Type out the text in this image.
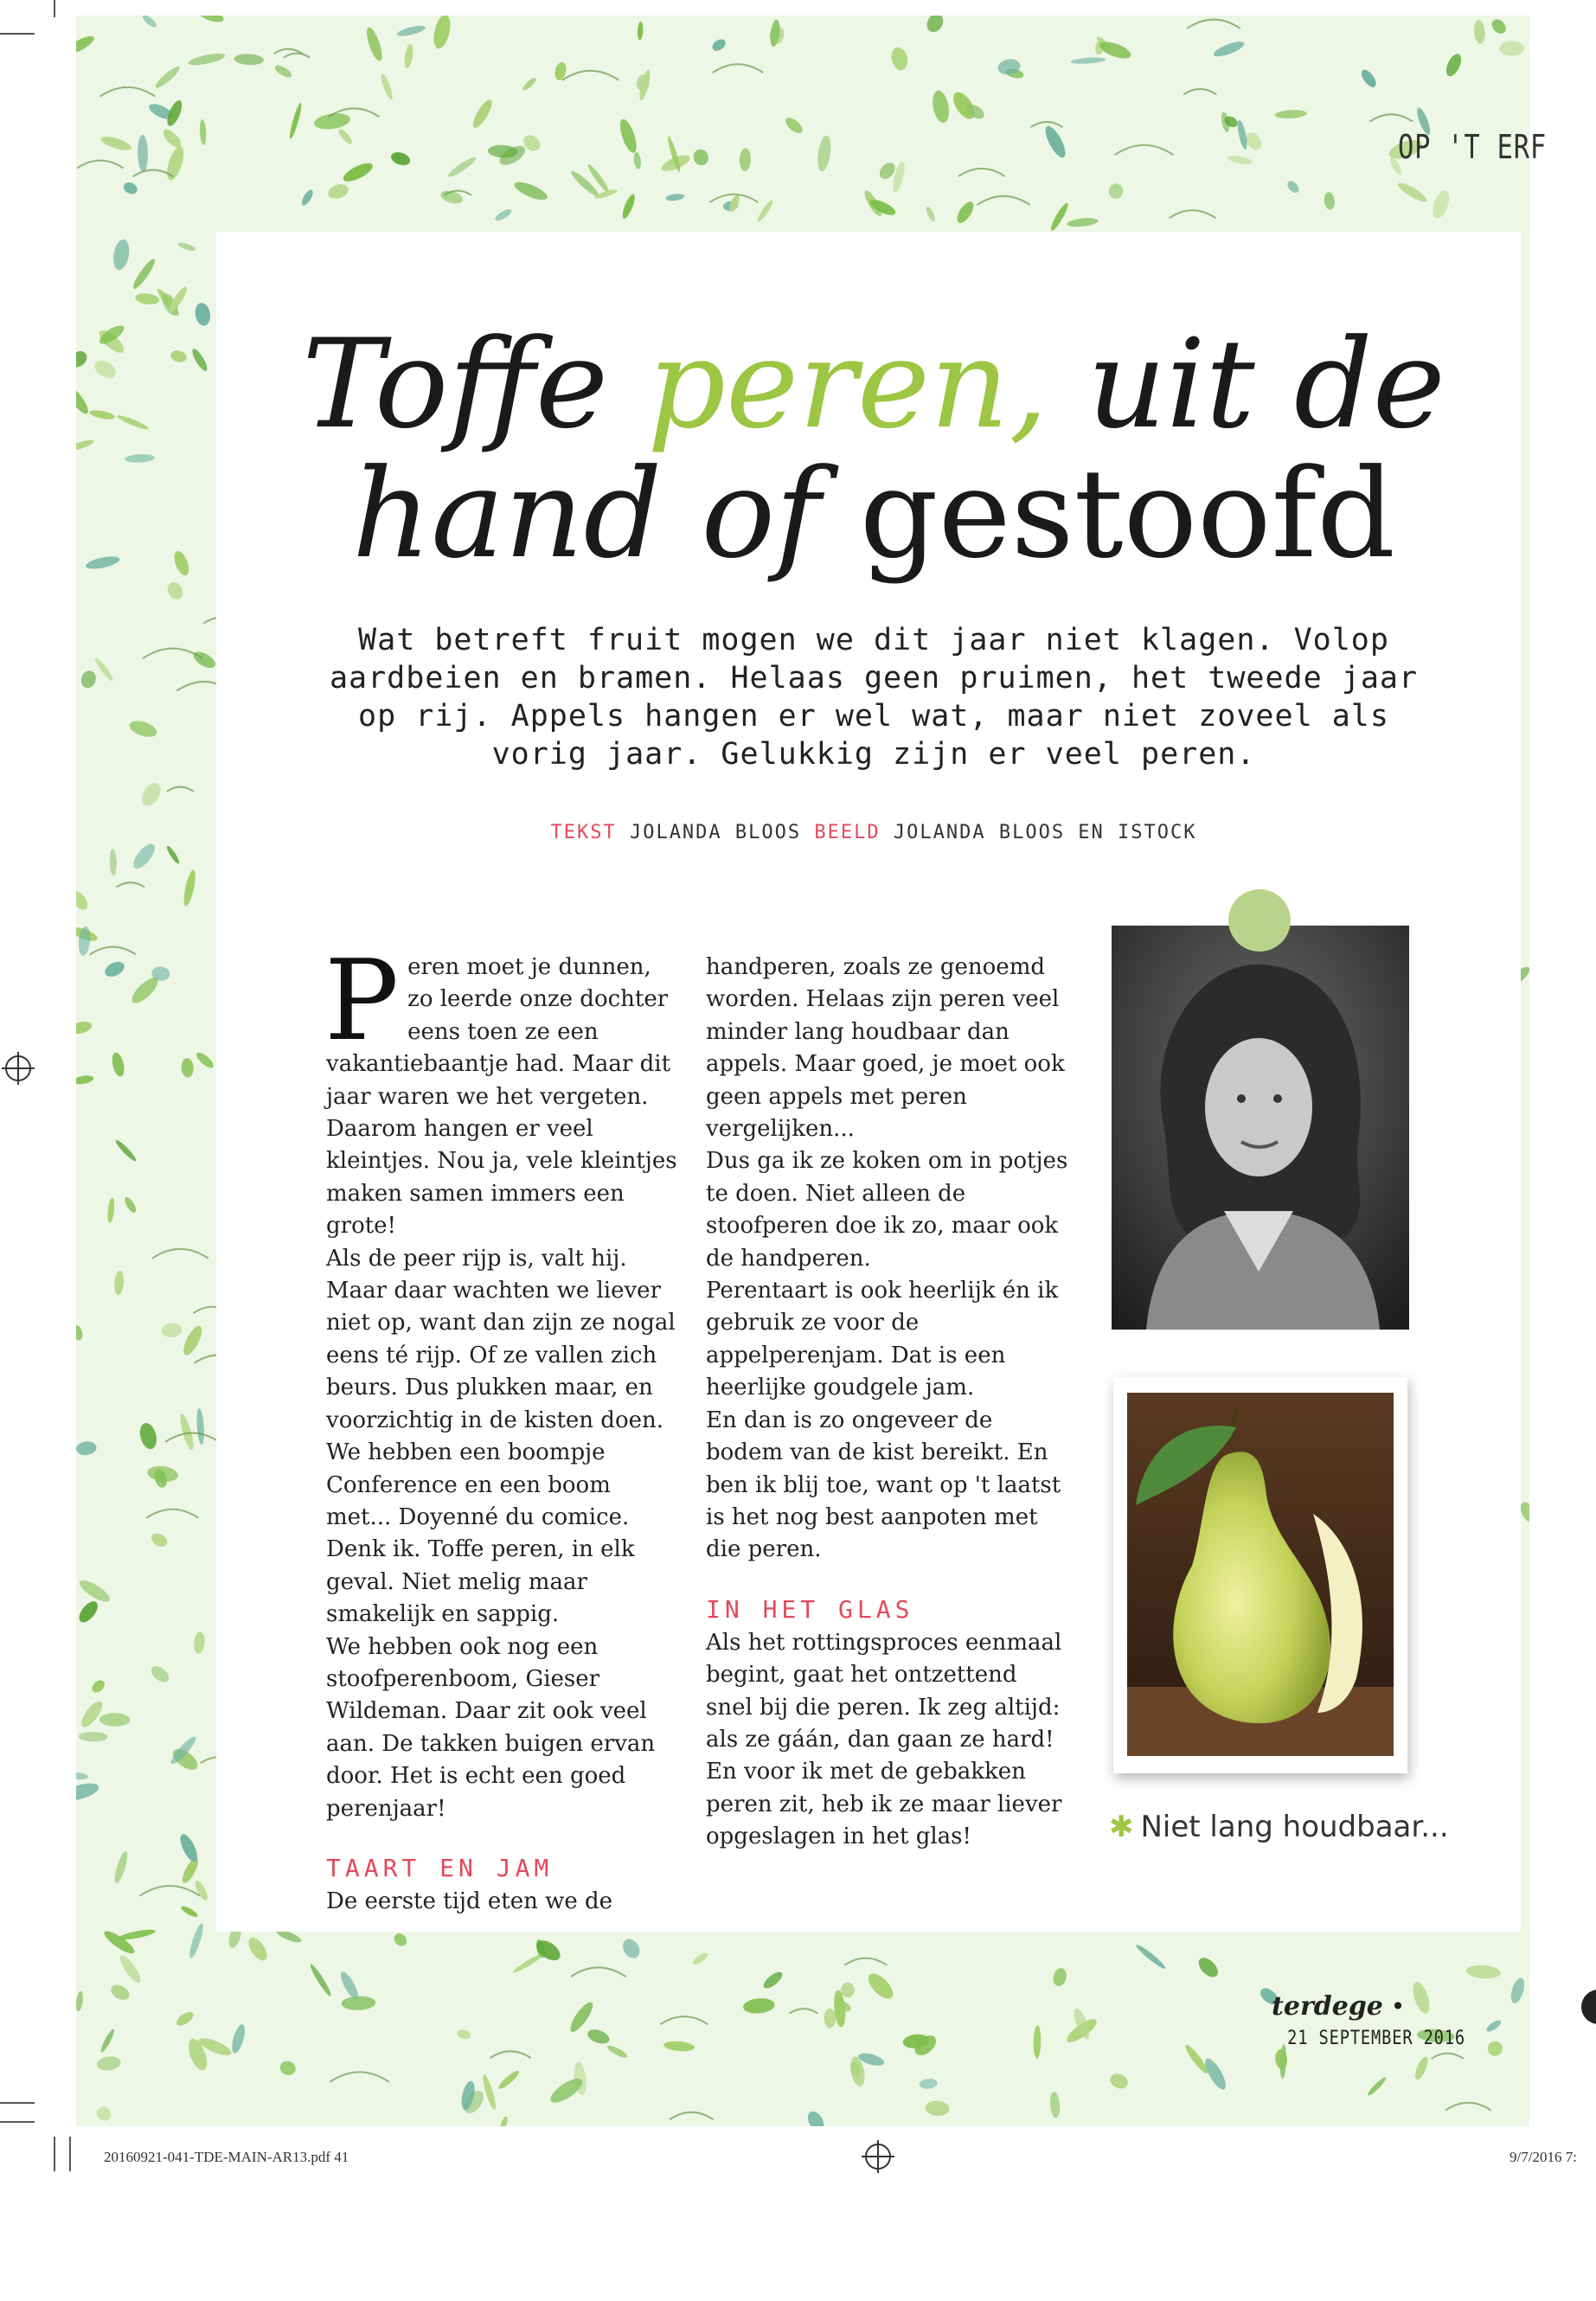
OP 'T ERF
Toffe peren, uit de
hand of gestoofd

Wat betreft fruit mogen we dit jaar niet klagen. Volop aardbeien en bramen. Helaas geen pruimen, het tweede jaar op rij. Appels hangen er wel wat, maar niet zoveel als vorig jaar. Gelukkig zijn er veel peren.

TEKST JOLANDA BLOOS BEELD JOLANDA BLOOS EN ISTOCK

Peren moet je dunnen, zo leerde onze dochter eens toen ze een vakantiebaantje had. Maar dit jaar waren we het vergeten. Daarom hangen er veel kleintjes. Nou ja, vele kleintjes maken samen immers een grote!

Als de peer rijp is, valt hij. Maar daar wachten we liever niet op, want dan zijn ze nogal eens té rijp. Of ze vallen zich beurs. Dus plukken maar, en voorzichtig in de kisten doen.

We hebben een boompje Conference en een boom met... Doyenné du comice. Denk ik. Toffe peren, in elk geval. Niet melig maar smakelijk en sappig.

We hebben ook nog een stoofperenboom, Gieser Wildeman. Daar zit ook veel aan. De takken buigen ervan door. Het is echt een goed perenjaar!

TAART EN JAM

De eerste tijd eten we de

handperen, zoals ze genoemd worden. Helaas zijn peren veel minder lang houdbaar dan appels. Maar goed, je moet ook geen appels met peren vergelijken...

Dus ga ik ze koken om in potjes te doen. Niet alleen de stoofperen doe ik zo, maar ook de handperen.

Perentaart is ook heerlijk én ik gebruik ze voor de appelperenjam. Dat is een heerlijke goudgele jam.

En dan is zo ongeveer de bodem van de kist bereikt. En ben ik blij toe, want op 't laatst is het nog best aanpoten met die peren.

IN HET GLAS

Als het rottingsproces eenmaal begint, gaat het ontzettend snel bij die peren. Ik zeg altijd: als ze gáán, dan gaan ze hard! En voor ik met de gebakken peren zit, heb ik ze maar liever opgeslagen in het glas!	✱ Niet lang houdbaar...
terdege • 21 SEPTEMBER 2016
20160921-041-TDE-MAIN-AR13.pdf 41	9/7/2016 7:
